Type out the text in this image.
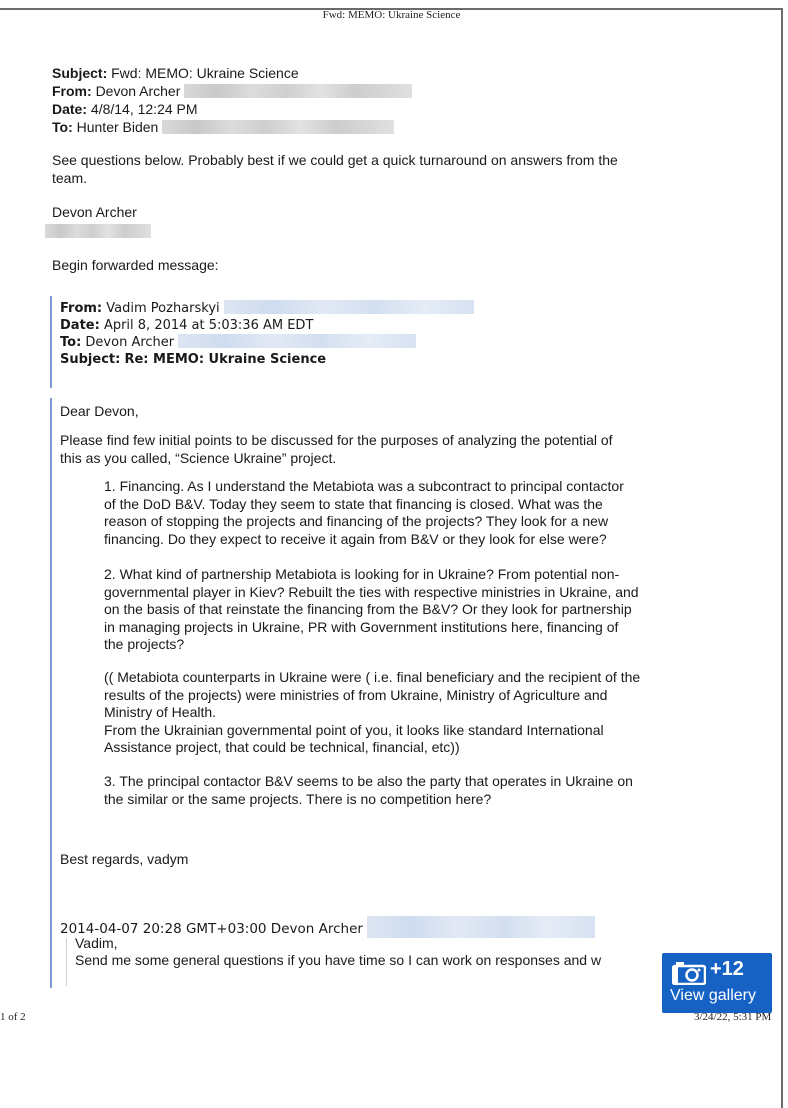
Fwd: MEMO: Ukraine Science
Subject: Fwd: MEMO: Ukraine Science
From: Devon Archer
Date: 4/8/14, 12:24 PM
To: Hunter Biden
See questions below. Probably best if we could get a quick turnaround on answers from the
team.
Devon Archer
Begin forwarded message:
From: Vadim Pozharskyi
Date: April 8, 2014 at 5:03:36 AM EDT
To: Devon Archer
Subject: Re: MEMO: Ukraine Science
Dear Devon,
Please find few initial points to be discussed for the purposes of analyzing the potential of
this as you called, “Science Ukraine” project.
1. Financing. As I understand the Metabiota was a subcontract to principal contactor
of the DoD B&V. Today they seem to state that financing is closed. What was the
reason of stopping the projects and financing of the projects? They look for a new
financing. Do they expect to receive it again from B&V or they look for else were?
2. What kind of partnership Metabiota is looking for in Ukraine? From potential non-
governmental player in Kiev? Rebuilt the ties with respective ministries in Ukraine, and
on the basis of that reinstate the financing from the B&V? Or they look for partnership
in managing projects in Ukraine, PR with Government institutions here, financing of
the projects?
(( Metabiota counterparts in Ukraine were ( i.e. final beneficiary and the recipient of the
results of the projects) were ministries of from Ukraine, Ministry of Agriculture and
Ministry of Health.
From the Ukrainian governmental point of you, it looks like standard International
Assistance project, that could be technical, financial, etc))
3. The principal contactor B&V seems to be also the party that operates in Ukraine on
the similar or the same projects. There is no competition here?
Best regards, vadym
2014-04-07 20:28 GMT+03:00 Devon Archer
Vadim,
Send me some general questions if you have time so I can work on responses and w	+12
View gallery
1 of 2	3/24/22, 5:31 PM
